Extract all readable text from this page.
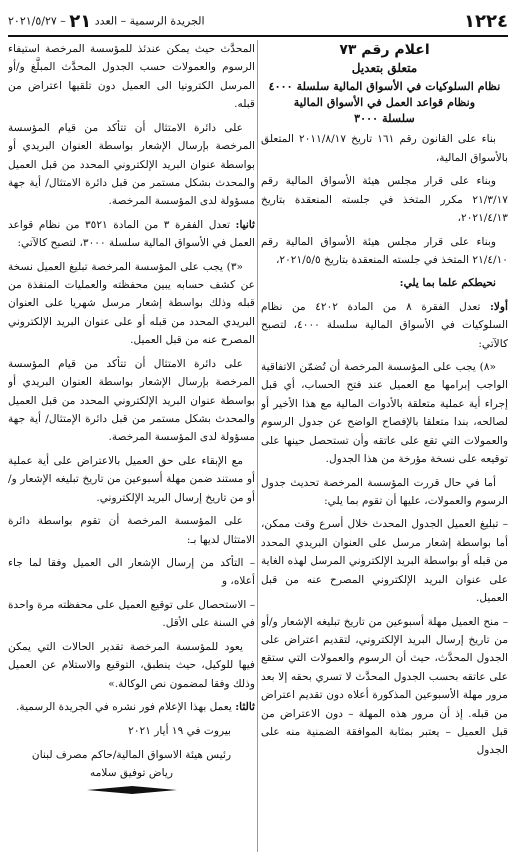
١٢٢٤
الجريدة الرسمية – العدد ٢١ – ٢٠٢١/٥/٢٧
اعلام رقم ٧٣
متعلق بتعديل
نظام السلوكيات في الأسواق المالية سلسلة ٤٠٠٠
ونظام قواعد العمل في الأسواق المالية
سلسلة ٣٠٠٠

بناء على القانون رقم ١٦١ تاريخ ٢٠١١/٨/١٧ المتعلق بالأسواق المالية،

وبناء على قرار مجلس هيئة الأسواق المالية رقم ٢١/٣/١٧ مكرر المتخذ في جلسته المنعقدة بتاريخ ٢٠٢١/٤/١٣،

وبناء على قرار مجلس هيئة الأسواق المالية رقم ٢١/٤/١٠ المتخذ في جلسته المنعقدة بتاريخ ٢٠٢١/٥/٥،

نحيطكم علما بما يلي:

أولا: تعدل الفقرة ٨ من المادة ٤٢٠٢ من نظام السلوكيات في الأسواق المالية سلسلة ٤٠٠٠، لتصبح كالآتي:

«٨) يجب على المؤسسة المرخصة أن تُضمّن الاتفاقية الواجب إبرامها مع العميل عند فتح الحساب، أي قبل إجراء أية عملية متعلقة بالأدوات المالية مع هذا الأخير أو لصالحه، بندا متعلقا بالإفصاح الواضح عن جدول الرسوم والعمولات التي تقع على عاتقه وأن تستحصل حينها على توقيعه على نسخة مؤرخة من هذا الجدول.

أما في حال قررت المؤسسة المرخصة تحديث جدول الرسوم والعمولات، عليها أن تقوم بما يلي:

– تبليغ العميل الجدول المحدث خلال أسرع وقت ممكن، أما بواسطة إشعار مرسل على العنوان البريدي المحدد من قبله أو بواسطة البريد الإلكتروني المرسل لهذه الغاية على عنوان البريد الإلكتروني المصرح عنه من قبل العميل.

– منح العميل مهلة أسبوعين من تاريخ تبليغه الإشعار و/أو من تاريخ إرسال البريد الإلكتروني، لتقديم اعتراض على الجدول المحدَّث، حيث أن الرسوم والعمولات التي ستقع على عاتقه بحسب الجدول المحدَّث لا تسري بحقه إلا بعد مرور مهلة الأسبوعين المذكورة أعلاه دون تقديم اعتراض من قبله. إذ أن مرور هذه المهلة – دون الاعتراض من قبل العميل – يعتبر بمثابة الموافقة الضمنية منه على الجدول

المحدَّث حيث يمكن عندئذ للمؤسسة المرخصة استيفاء الرسوم والعمولات حسب الجدول المحدَّث المبلَّغ و/أو المرسل الكترونيا الى العميل دون تلقيها اعتراض من قبله.

على دائرة الامتثال أن تتأكد من قيام المؤسسة المرخصة بإرسال الإشعار بواسطة العنوان البريدي أو بواسطة عنوان البريد الإلكتروني المحدد من قبل العميل والمحدث بشكل مستمر من قبل دائرة الامتثال/ أية جهة مسؤولة لدى المؤسسة المرخصة.

ثانيا: تعدل الفقرة ٣ من المادة ٣٥٢١ من نظام قواعد العمل في الأسواق المالية سلسلة ٣٠٠٠، لتصبح كالآتي:

«٣) يجب على المؤسسة المرخصة تبليغ العميل نسخة عن كشف حسابه يبين محفظته والعمليات المنفذة من قبله وذلك بواسطة إشعار مرسل شهريا على العنوان البريدي المحدد من قبله أو على عنوان البريد الإلكتروني المصرح عنه من قبل العميل.

على دائرة الامتثال أن تتأكد من قيام المؤسسة المرخصة بإرسال الإشعار بواسطة العنوان البريدي أو بواسطة عنوان البريد الإلكتروني المحدد من قبل العميل والمحدث بشكل مستمر من قبل دائرة الإمتثال/ أية جهة مسؤولة لدى المؤسسة المرخصة.

مع الإبقاء على حق العميل بالاعتراض على أية عملية أو مستند ضمن مهلة أسبوعين من تاريخ تبليغه الإشعار و/أو من تاريخ إرسال البريد الإلكتروني.

على المؤسسة المرخصة أن تقوم بواسطة دائرة الامتثال لديها بـ:

– التأكد من إرسال الإشعار الى العميل وفقا لما جاء أعلاه، و

– الاستحصال على توقيع العميل على محفظته مرة واحدة في السنة على الأقل.

يعود للمؤسسة المرخصة تقدير الحالات التي يمكن فيها للوكيل، حيث ينطبق، التوقيع والاستلام عن العميل وذلك وفقا لمضمون نص الوكالة.»

ثالثا: يعمل بهذا الإعلام فور نشره في الجريدة الرسمية.

بيروت في ١٩ أيار ٢٠٢١

رئيس هيئة الاسواق المالية/حاكم مصرف لبنان

رياض توفيق سلامه
